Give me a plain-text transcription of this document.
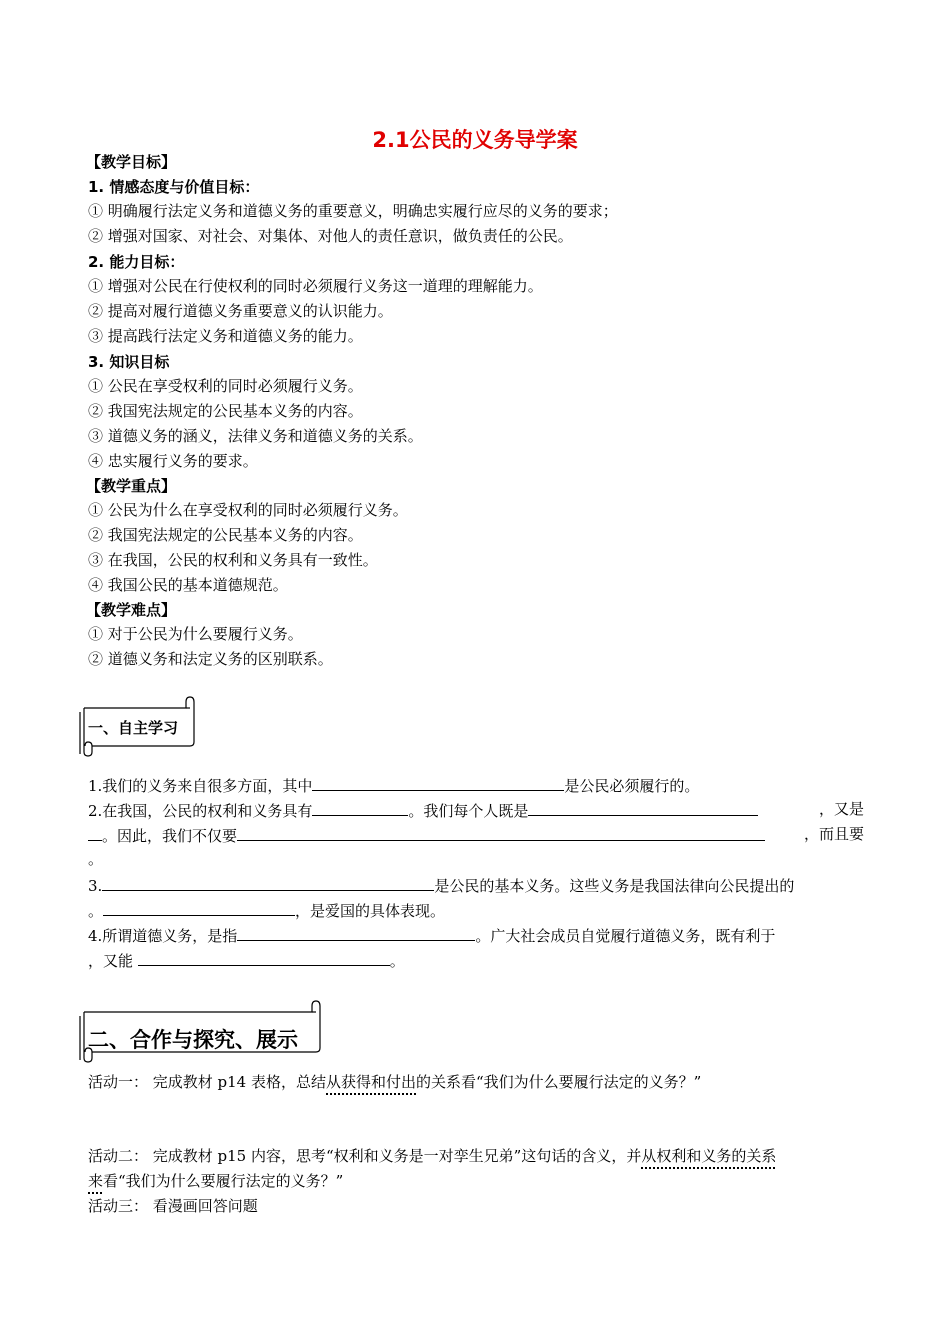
2.1公民的义务导学案
【教学目标】
1. 情感态度与价值目标：
① 明确履行法定义务和道德义务的重要意义，明确忠实履行应尽的义务的要求；
② 增强对国家、对社会、对集体、对他人的责任意识，做负责任的公民。
2. 能力目标：
① 增强对公民在行使权利的同时必须履行义务这一道理的理解能力。
② 提高对履行道德义务重要意义的认识能力。
③ 提高践行法定义务和道德义务的能力。
3. 知识目标
① 公民在享受权利的同时必须履行义务。
② 我国宪法规定的公民基本义务的内容。
③ 道德义务的涵义，法律义务和道德义务的关系。
④ 忠实履行义务的要求。
【教学重点】
① 公民为什么在享受权利的同时必须履行义务。
② 我国宪法规定的公民基本义务的内容。
③ 在我国，公民的权利和义务具有一致性。
④ 我国公民的基本道德规范。
【教学难点】
① 对于公民为什么要履行义务。
② 道德义务和法定义务的区别联系。
一、自主学习
1.我们的义务来自很多方面，其中	是公民必须履行的。
2.在我国，公民的权利和义务具有	。我们每个人既是	，又是
。因此，我们不仅要	，而且要
。
3.	是公民的基本义务。这些义务是我国法律向公民提出的
。	，是爱国的具体表现。
4.所谓道德义务，是指	。广大社会成员自觉履行道德义务，既有利于
，又能	。
二、合作与探究、展示
活动一： 完成教材 p14 表格，总结从获得和付出的关系看“我们为什么要履行法定的义务？”
活动二： 完成教材 p15 内容，思考“权利和义务是一对孪生兄弟”这句话的含义，并从权利和义务的关系
来看“我们为什么要履行法定的义务？”
活动三： 看漫画回答问题
